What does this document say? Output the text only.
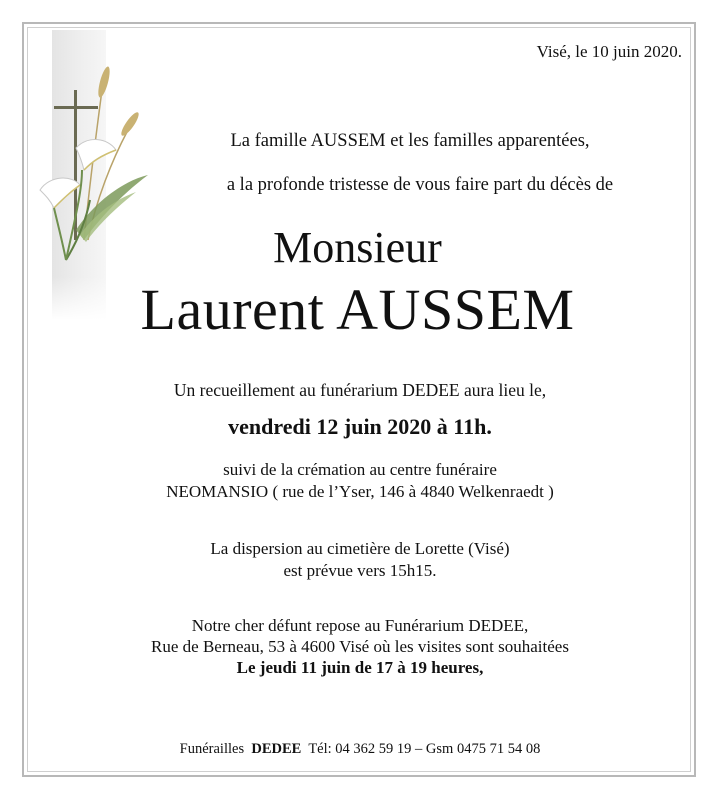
Visé, le 10 juin 2020.
La famille AUSSEM et les familles apparentées,
a la profonde tristesse de vous faire part du décès de
Monsieur
Laurent AUSSEM
Un recueillement au funérarium DEDEE aura lieu le,
vendredi 12 juin 2020 à 11h.
suivi de la crémation au centre funéraire
NEOMANSIO ( rue de l’Yser, 146 à 4840 Welkenraedt )
La dispersion au cimetière de Lorette (Visé)
est prévue vers 15h15.
Notre cher défunt repose au Funérarium DEDEE,
Rue de Berneau, 53 à 4600 Visé où les visites sont souhaitées
Le jeudi 11 juin de 17 à 19 heures,
Funérailles DEDEE Tél: 04 362 59 19 – Gsm 0475 71 54 08
